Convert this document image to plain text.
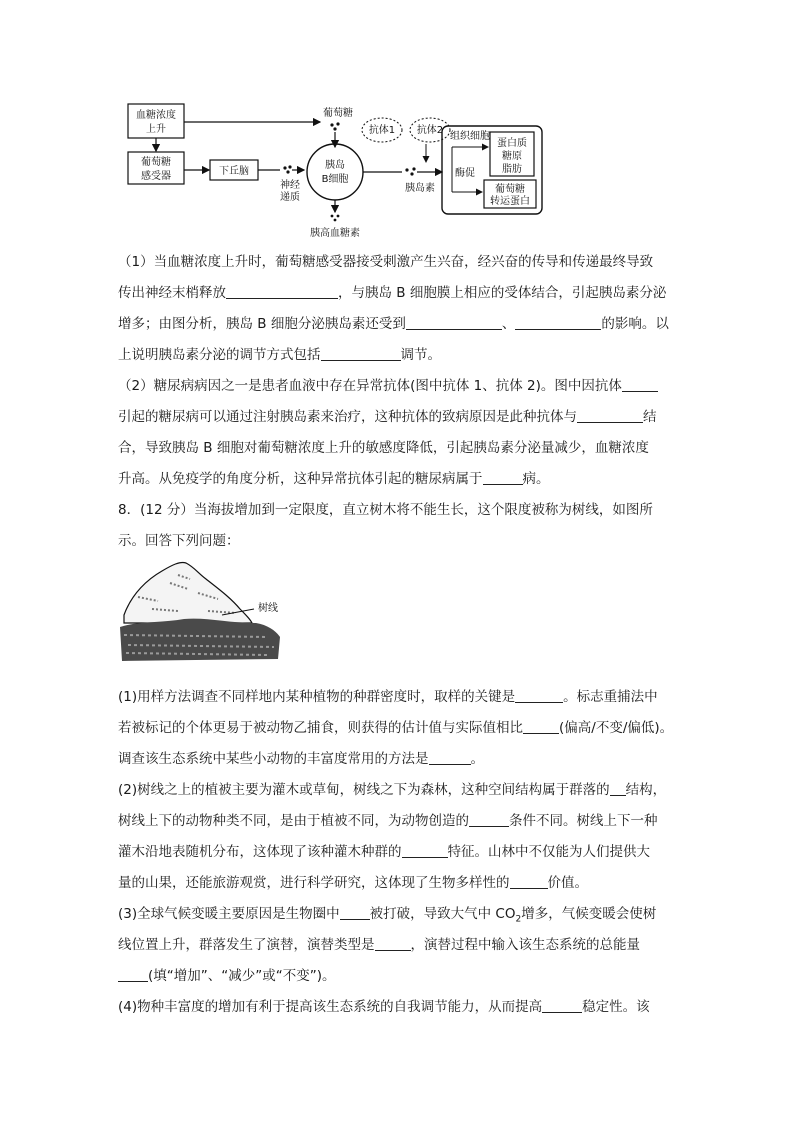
血糖浓度
上升
葡萄糖
感受器	下丘脑
神经
递质
葡萄糖
抗体1
胰岛
B细胞
胰高血糖素
胰岛素
抗体2
组织细胞
酶促
蛋白质
糖原
脂肪
葡萄糖
转运蛋白
（1）当血糖浓度上升时，葡萄糖感受器接受刺激产生兴奋，经兴奋的传导和传递最终导致
传出神经末梢释放	，与胰岛 B 细胞膜上相应的受体结合，引起胰岛素分泌
增多；由图分析，胰岛 B 细胞分泌胰岛素还受到	、	的影响。以
上说明胰岛素分泌的调节方式包括	调节。
（2）糖尿病病因之一是患者血液中存在异常抗体(图中抗体 1、抗体 2)。图中因抗体
引起的糖尿病可以通过注射胰岛素来治疗，这种抗体的致病原因是此种抗体与	结
合，导致胰岛 B 细胞对葡萄糖浓度上升的敏感度降低，引起胰岛素分泌量减少，血糖浓度
升高。从免疫学的角度分析，这种异常抗体引起的糖尿病属于	病。
8．(12 分）当海拔增加到一定限度，直立树木将不能生长，这个限度被称为树线，如图所
示。回答下列问题：
树线
(1)用样方法调查不同样地内某种植物的种群密度时，取样的关键是	。标志重捕法中
若被标记的个体更易于被动物乙捕食，则获得的估计值与实际值相比	(偏高/不变/偏低)。
调查该生态系统中某些小动物的丰富度常用的方法是	。
(2)树线之上的植被主要为灌木或草甸，树线之下为森林，这种空间结构属于群落的 结构，
树线上下的动物种类不同，是由于植被不同，为动物创造的	条件不同。树线上下一种
灌木沿地表随机分布，这体现了该种灌木种群的	特征。山林中不仅能为人们提供大
量的山果，还能旅游观赏，进行科学研究，这体现了生物多样性的	价值。
(3)全球气候变暖主要原因是生物圈中 被打破，导致大气中 $CO_2$增多，气候变暖会使树
线位置上升，群落发生了演替，演替类型是	，演替过程中输入该生态系统的总能量
(填“增加”、“减少”或“不变”)。
(4)物种丰富度的增加有利于提高该生态系统的自我调节能力，从而提高	稳定性。该
